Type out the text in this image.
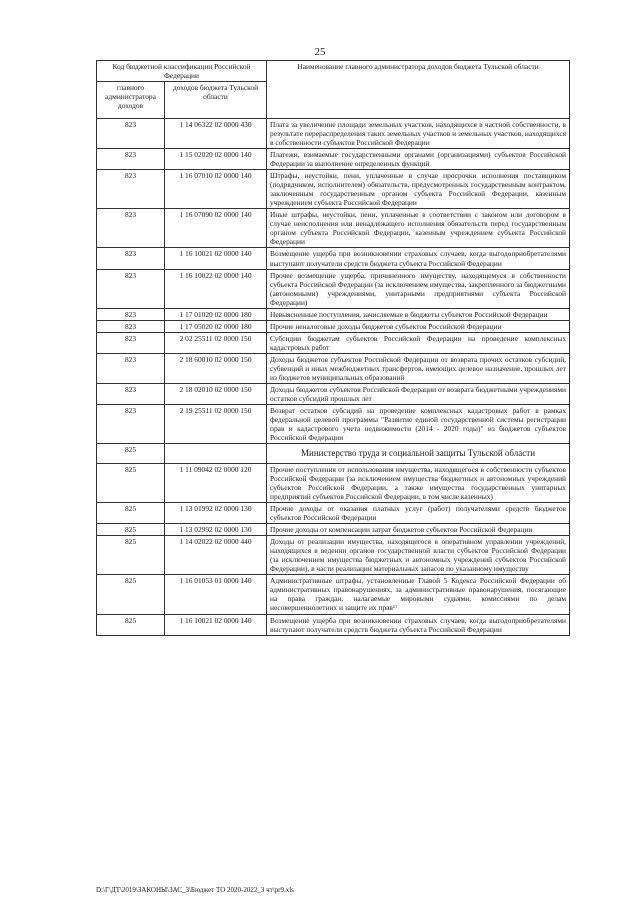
25
Код бюджетной классификации Российской Федерации		Наименование главного администратора доходов бюджета Тульской области
главного администратора доходов	доходов бюджета Тульской области	
823	1 14 06322 02 0000 430	Плата за увеличение площади земельных участков, находящихся в частной собственности, в результате перераспределения таких земельных участков и земельных участков, находящихся в собственности субъектов Российской Федерации
823	1 15 02020 02 0000 140	Платежи, взимаемые государственными органами (организациями) субъектов Российской Федерации за выполнение определенных функций
823	1 16 07010 02 0000 140	Штрафы, неустойки, пени, уплаченные в случае просрочки исполнения поставщиком (подрядчиком, исполнителем) обязательств, предусмотренных государственным контрактом, заключенным государственным органом субъекта Российской Федерации, казенным учреждением субъекта Российской Федерации
823	1 16 07090 02 0000 140	Иные штрафы, неустойки, пени, уплаченные в соответствии с законом или договором в случае неисполнения или ненадлежащего исполнения обязательств перед государственным органом субъекта Российской Федерации, казенным учреждением субъекта Российской Федерации
823	1 16 10021 02 0000 140	Возмещение ущерба при возникновении страховых случаев, когда выгодоприобретателями выступают получатели средств бюджета субъекта Российской Федерации
823	1 16 10022 02 0000 140	Прочее возмещение ущерба, причиненного имуществу, находящемуся в собственности субъекта Российской Федерации (за исключением имущества, закрепленного за бюджетными (автономными) учреждениями, унитарными предприятиями субъекта Российской Федерации)
823	1 17 01020 02 0000 180	Невыясненные поступления, зачисляемые в бюджеты субъектов Российской Федерации
823	1 17 05020 02 0000 180	Прочие неналоговые доходы бюджетов субъектов Российской Федерации
823	2 02 25511 02 0000 150	Субсидии бюджетам субъектов Российской Федерации на проведение комплексных кадастровых работ
823	2 18 60010 02 0000 150	Доходы бюджетов субъектов Российской Федерации от возврата прочих остатков субсидий, субвенций и иных межбюджетных трансфертов, имеющих целевое назначение, прошлых лет из бюджетов муниципальных образований
823	2 18 02010 02 0000 150	Доходы бюджетов субъектов Российской Федерации от возврата бюджетными учреждениями остатков субсидий прошлых лет
823	2 19 25511 02 0000 150	Возврат остатков субсидий на проведение комплексных кадастровых работ в рамках федеральной целевой программы "Развитие единой государственной системы регистрации прав и кадастрового учета недвижимости (2014 - 2020 годы)" из бюджетов субъектов Российской Федерации
825		Министерство труда и социальной защиты Тульской области
825	1 11 09042 02 0000 120	Прочие поступления от использования имущества, находящегося в собственности субъектов Российской Федерации (за исключением имущества бюджетных и автономных учреждений субъектов Российской Федерации, а также имущества государственных унитарных предприятий субъектов Российской Федерации, в том числе казенных)
825	1 13 01992 02 0000 130	Прочие доходы от оказания платных услуг (работ) получателями средств бюджетов субъектов Российской Федерации
825	1 13 02992 02 0000 130	Прочие доходы от компенсации затрат бюджетов субъектов Российской Федерации
825	1 14 02022 02 0000 440	Доходы от реализации имущества, находящегося в оперативном управлении учреждений, находящихся в ведении органов государственной власти субъектов Российской Федерации (за исключением имущества бюджетных и автономных учреждений субъектов Российской Федерации), в части реализации материальных запасов по указанному имуществу
825	1 16 01053 01 0000 140	Административные штрафы, установленные Главой 5 Кодекса Российской Федерации об административных правонарушениях, за административные правонарушения, посягающие на права граждан, налагаемые мировыми судьями, комиссиями по делам несовершеннолетних и защите их прав¹⁾
825	1 16 10021 02 0000 140	Возмещение ущерба при возникновении страховых случаев, когда выгодоприобретателями выступают получатели средств бюджета субъекта Российской Федерации
D:\Г\ДТ\2019\ЗАКОНЫ\ЗАС_3\Бюджет ТО 2020-2022_3 чт\pr9.xls
